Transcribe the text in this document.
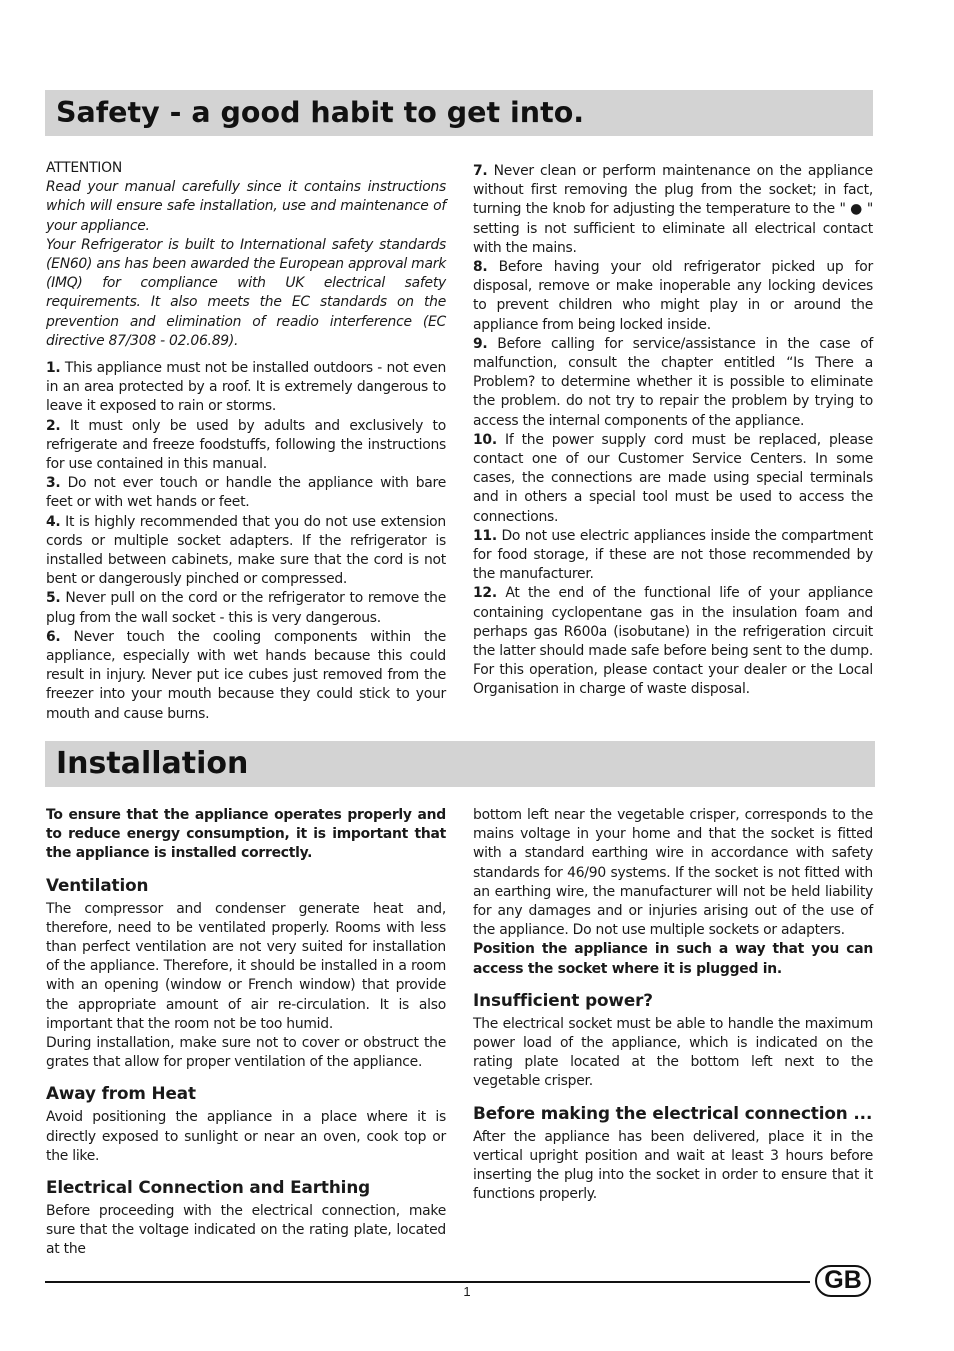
Safety - a good habit to get into.

ATTENTION

Read your manual carefully since it contains instructions which will ensure safe installation, use and maintenance of your appliance.

Your Refrigerator is built to International safety standards (EN60) ans has been awarded the European approval mark (IMQ) for compliance with UK electrical safety requirements. It also meets the EC standards on the prevention and elimination of readio interference (EC directive 87/308 - 02.06.89).

1. This appliance must not be installed outdoors - not even in an area protected by a roof. It is extremely dangerous to leave it exposed to rain or storms.

2. It must only be used by adults and exclusively to refrigerate and freeze foodstuffs, following the instructions for use contained in this manual.

3. Do not ever touch or handle the appliance with bare feet or with wet hands or feet.

4. It is highly recommended that you do not use extension cords or multiple socket adapters. If the refrigerator is installed between cabinets, make sure that the cord is not bent or dangerously pinched or compressed.

5. Never pull on the cord or the refrigerator to remove the plug from the wall socket - this is very dangerous.

6. Never touch the cooling components within the appliance, especially with wet hands because this could result in injury. Never put ice cubes just removed from the freezer into your mouth because they could stick to your mouth and cause burns.

7. Never clean or perform maintenance on the appliance without first removing the plug from the socket; in fact, turning the knob for adjusting the temperature to the " ● " setting is not sufficient to eliminate all electrical contact with the mains.

8. Before having your old refrigerator picked up for disposal, remove or make inoperable any locking devices to prevent children who might play in or around the appliance from being locked inside.

9. Before calling for service/assistance in the case of malfunction, consult the chapter entitled “Is There a Problem? to determine whether it is possible to eliminate the problem. do not try to repair the problem by trying to access the internal components of the appliance.

10. If the power supply cord must be replaced, please contact one of our Customer Service Centers. In some cases, the connections are made using special terminals and in others a special tool must be used to access the connections.

11. Do not use electric appliances inside the compartment for food storage, if these are not those recommended by the manufacturer.

12. At the end of the functional life of your appliance containing cyclopentane gas in the insulation foam and perhaps gas R600a (isobutane) in the refrigeration circuit the latter should made safe before being sent to the dump. For this operation, please contact your dealer or the Local Organisation in charge of waste disposal.

Installation

To ensure that the appliance operates properly and to reduce energy consumption, it is important that the appliance is installed correctly.

Ventilation

The compressor and condenser generate heat and, therefore, need to be ventilated properly. Rooms with less than perfect ventilation are not very suited for installation of the appliance. Therefore, it should be installed in a room with an opening (window or French window) that provide the appropriate amount of air re-circulation. It is also important that the room not be too humid.

During installation, make sure not to cover or obstruct the grates that allow for proper ventilation of the appliance.

Away from Heat

Avoid positioning the appliance in a place where it is directly exposed to sunlight or near an oven, cook top or the like.

Electrical Connection and Earthing

Before proceeding with the electrical connection, make sure that the voltage indicated on the rating plate, located at the

bottom left near the vegetable crisper, corresponds to the mains voltage in your home and that the socket is fitted with a standard earthing wire in accordance with safety standards for 46/90 systems. If the socket is not fitted with an earthing wire, the manufacturer will not be held liability for any damages and or injuries arising out of the use of the appliance. Do not use multiple sockets or adapters.

Position the appliance in such a way that you can access the socket where it is plugged in.

Insufficient power?

The electrical socket must be able to handle the maximum power load of the appliance, which is indicated on the rating plate located at the bottom left next to the vegetable crisper.

Before making the electrical connection ...

After the appliance has been delivered, place it in the vertical upright position and wait at least 3 hours before inserting the plug into the socket in order to ensure that it functions properly.

1	GB
